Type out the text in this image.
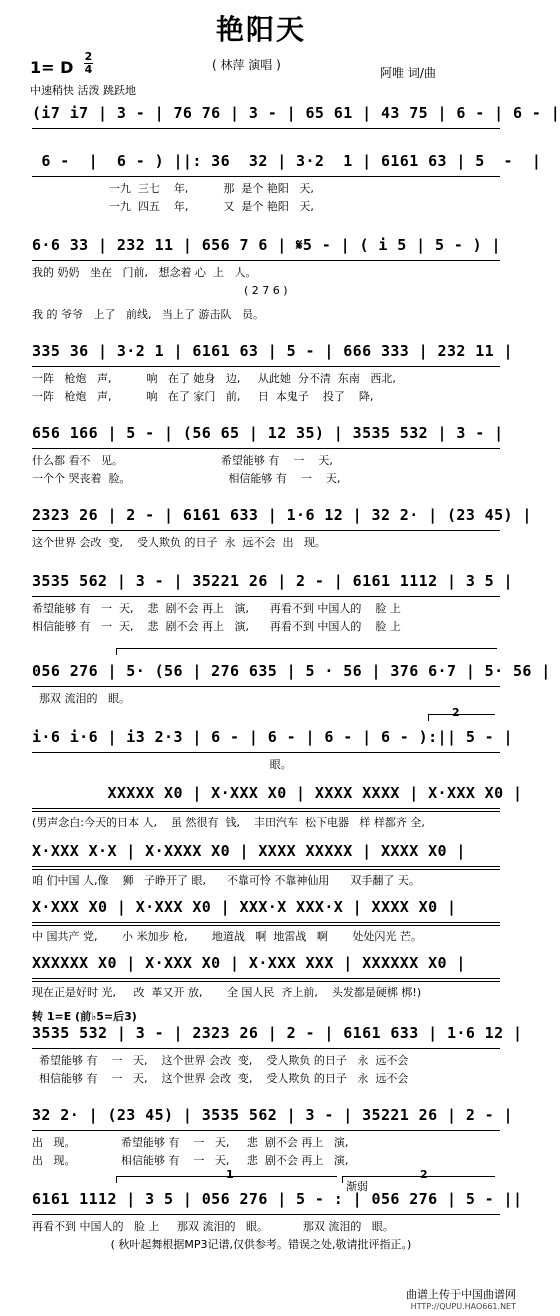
艳阳天
1= D
2
4	( 林萍 演唱 )
阿唯 词/曲
中速稍快 活泼 跳跃地
(i7 i7 | 3 - | 76 76 | 3 - | 65 61 | 43 75 | 6 - | 6 - |
6 -  |  6 - ) ||: 36  32 | 3·2  1 | 6161 63 | 5  -  |
一九  三七    年,          那  是个 艳阳   天,
一九  四五    年,          又  是个 艳阳   天,
6·6 33 | 232 11 | 656 7 6 | 𝄋5 - | ( i 5 | 5 - ) |
我的 奶奶   坐在   门前,   想念着 心  上   人。
( 2 7 6 )
我 的 爷爷   上了   前线,   当上了 游击队   员。
335 36 | 3·2 1 | 6161 63 | 5 - | 666 333 | 232 11 |
一阵   枪炮   声,          响   在了 她身   边,     从此她  分不清  东南   西北,
一阵   枪炮   声,          响   在了 家门   前,     日  本鬼子    投了    降,
656 166 | 5 - | (56 65 | 12 35) | 3535 532 | 3 - |
什么都 看不   见。                            希望能够 有    一    天,
一个个 哭丧着  脸。                            相信能够 有    一    天,
2323 26 | 2 - | 6161 633 | 1·6 12 | 32 2· | (23 45) |
这个世界 会改  变,    受人欺负 的日子  永  远不会  出   现。
3535 562 | 3 - | 35221 26 | 2 - | 6161 1112 | 3 5 |
希望能够 有   一  天,    悲  剧不会 再上   演,      再看不到 中国人的    脸 上
相信能够 有   一  天,    悲  剧不会 再上   演,      再看不到 中国人的    脸 上
056 276 | 5· (56 | 276 635 | 5 · 56 | 376 6·7 | 5· 56 |
那双 流泪的   眼。
2
i·6 i·6 | i3 2·3 | 6 - | 6 - | 6 - | 6 - ):|| 5 - |
眼。
XXXXX X0 | X·XXX X0 | XXXX XXXX | X·XXX X0 |
(男声念白:今天的日本 人,    虽 然很有  钱,    丰田汽车  松下电器   样 样都齐 全,
X·XXX X·X | X·XXXX X0 | XXXX XXXXX | XXXX X0 |
咱 们中国 人,像    狮   子睁开了 眼,      不靠可怜 不靠神仙用      双手翻了 天。
X·XXX X0 | X·XXX X0 | XXX·X XXX·X | XXXX X0 |
中 国共产 党,       小 米加步 枪,       地道战   啊  地雷战   啊       处处闪光 芒。
XXXXXX X0 | X·XXX X0 | X·XXX XXX | XXXXXX X0 |
现在正是好时 光,     改  革又开 放,       全 国人民  齐上前,    头发都是硬梆 梆!)
转 1=E (前♭5=后3)
3535 532 | 3 - | 2323 26 | 2 - | 6161 633 | 1·6 12 |
希望能够 有    一   天,    这个世界 会改  变,    受人欺负 的日子   永  远不会
相信能够 有    一   天,    这个世界 会改  变,    受人欺负 的日子   永  远不会
32 2· | (23 45) | 3535 562 | 3 - | 35221 26 | 2 - |
出   现。             希望能够 有    一   天,     悲  剧不会 再上   演,
出   现。             相信能够 有    一   天,     悲  剧不会 再上   演,
1	2
渐弱
6161 1112 | 3 5 | 056 276 | 5 - : | 056 276 | 5 - ||
再看不到 中国人的   脸 上     那双 流泪的   眼。          那双 流泪的   眼。
( 秋叶起舞根据MP3记谱,仅供参考。错误之处,敬请批评指正。)
曲谱上传于中国曲谱网
HTTP://QUPU.HAO661.NET
